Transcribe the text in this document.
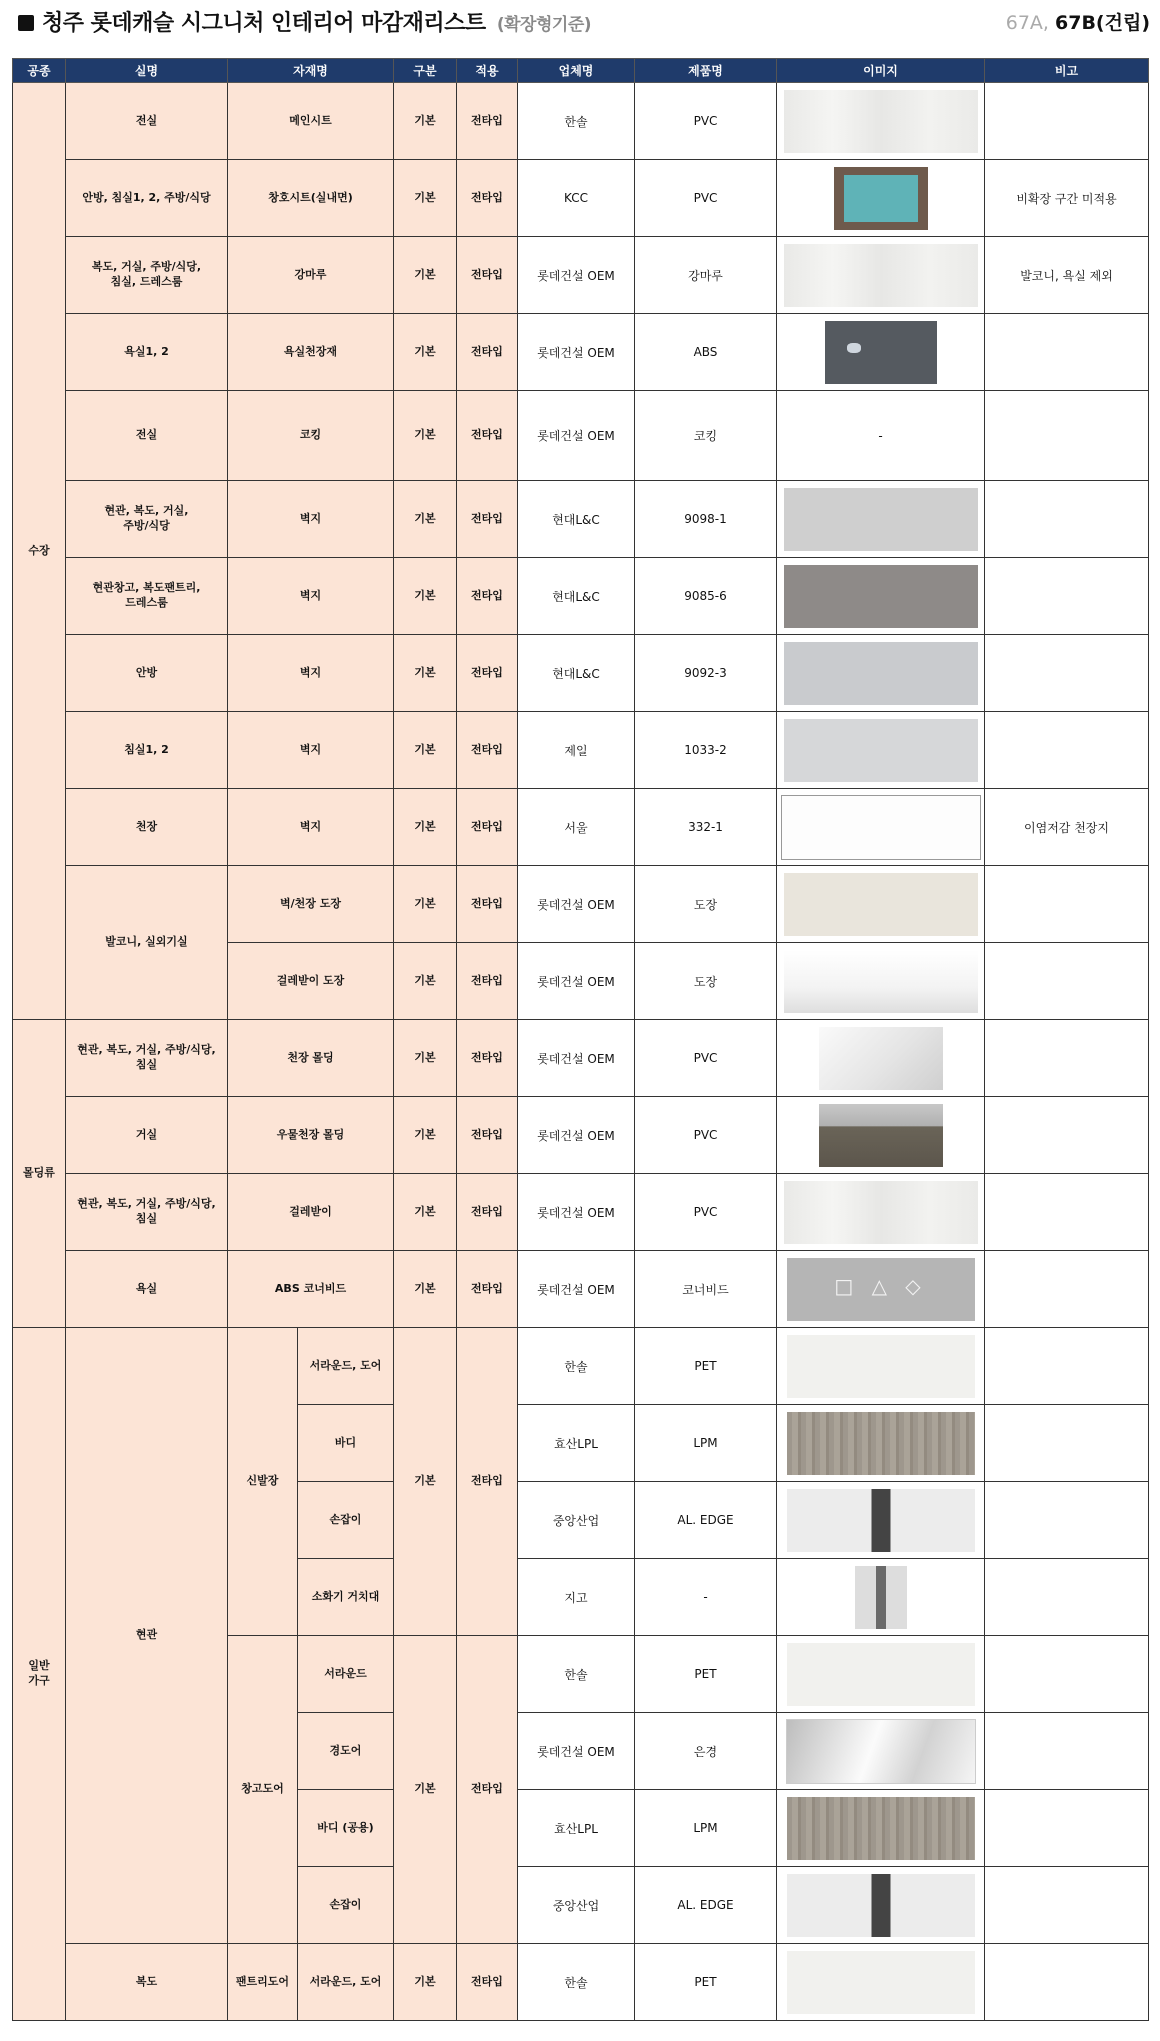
청주 롯데캐슬 시그니처 인테리어 마감재리스트 (확장형기준)	67A, 67B(건립)
공종	실명	자재명		구분	적용	업체명	제품명	이미지	비고
수장	전실	메인시트		기본	전타입	한솔	PVC	

	안방, 침실1, 2, 주방/식당	창호시트(실내면)		기본	전타입	KCC	PVC		비확장 구간 미적용
	복도, 거실, 주방/식당,
침실, 드레스룸	강마루		기본	전타입	롯데건설 OEM	강마루		발코니, 욕실 제외
	욕실1, 2	욕실천장재		기본	전타입	롯데건설 OEM	ABS	

	전실	코킹		기본	전타입	롯데건설 OEM	코킹	-	
	현관, 복도, 거실,
주방/식당	벽지		기본	전타입	현대L&C	9098-1	

	현관창고, 복도팬트리,
드레스룸	벽지		기본	전타입	현대L&C	9085-6	

	안방	벽지		기본	전타입	현대L&C	9092-3	

	침실1, 2	벽지		기본	전타입	제일	1033-2	

	천장	벽지		기본	전타입	서울	332-1		이염저감 천장지
	발코니, 실외기실	벽/천장 도장		기본	전타입	롯데건설 OEM	도장	

		걸레받이 도장		기본	전타입	롯데건설 OEM	도장	

몰딩류	현관, 복도, 거실, 주방/식당,
침실	천장 몰딩		기본	전타입	롯데건설 OEM	PVC	

	거실	우물천장 몰딩		기본	전타입	롯데건설 OEM	PVC	

	현관, 복도, 거실, 주방/식당,
침실	걸레받이		기본	전타입	롯데건설 OEM	PVC	

	욕실	ABS 코너비드		기본	전타입	롯데건설 OEM	코너비드	
□ △ ◇

일반
가구	현관	신발장	서라운드, 도어	기본	전타입	한솔	PET	

			바디			효산LPL	LPM	

			손잡이			중앙산업	AL. EDGE	

			소화기 거치대			지고	-	

		창고도어	서라운드	기본	전타입	한솔	PET	

			경도어			롯데건설 OEM	은경	

			바디 (공용)			효산LPL	LPM	

			손잡이			중앙산업	AL. EDGE	

	복도	팬트리도어	서라운드, 도어	기본	전타입	한솔	PET	
